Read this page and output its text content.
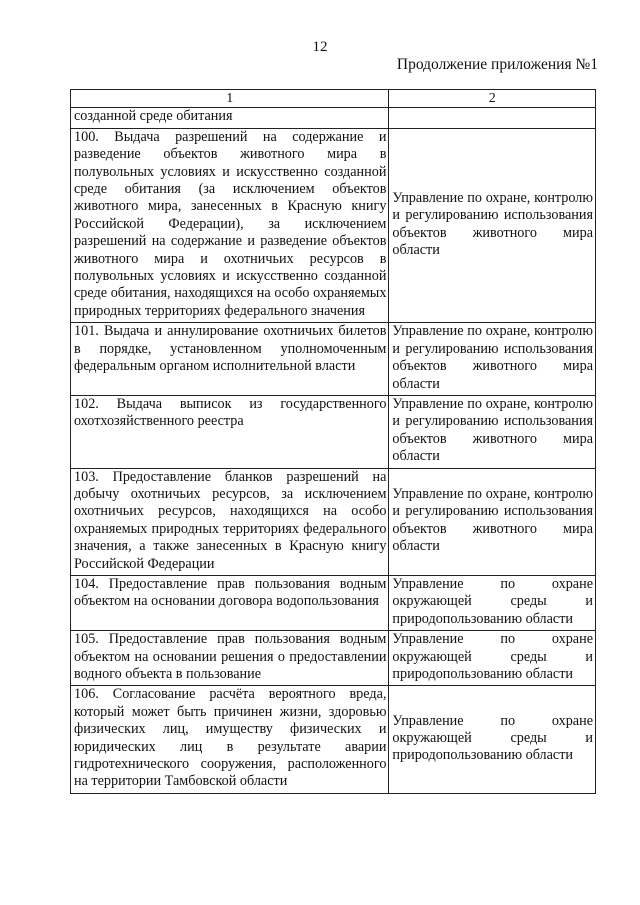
12
Продолжение приложения №1
1	2
созданной среде обитания	
100. Выдача разрешений на содержание и разведение объектов животного мира в полувольных условиях и искусственно созданной среде обитания (за исключением объектов животного мира, занесенных в Красную книгу Российской Федерации), за исключением разрешений на содержание и разведение объектов животного мира и охотничьих ресурсов в полувольных условиях и искусственно созданной среде обитания, находящихся на особо охраняемых природных территориях федерального значения	Управление по охране, контролю и регулированию использования объектов животного мира области
101. Выдача и аннулирование охотничьих билетов в порядке, установленном уполномоченным федеральным органом исполнительной власти	Управление по охране, контролю и регулированию использования объектов животного мира области
102. Выдача выписок из государственного охотхозяйственного реестра	Управление по охране, контролю и регулированию использования объектов животного мира области
103. Предоставление бланков разрешений на добычу охотничьих ресурсов, за исключением охотничьих ресурсов, находящихся на особо охраняемых природных территориях федерального значения, а также занесенных в Красную книгу Российской Федерации	Управление по охране, контролю и регулированию использования объектов животного мира области
104. Предоставление прав пользования водным объектом на основании договора водопользования	Управление по охране окружающей среды и природопользованию области
105. Предоставление прав пользования водным объектом на основании решения о предоставлении водного объекта в пользование	Управление по охране окружающей среды и природопользованию области
106. Согласование расчёта вероятного вреда, который может быть причинен жизни, здоровью физических лиц, имуществу физических и юридических лиц в результате аварии гидротехнического сооружения, расположенного на территории Тамбовской области	Управление по охране окружающей среды и природопользованию области
